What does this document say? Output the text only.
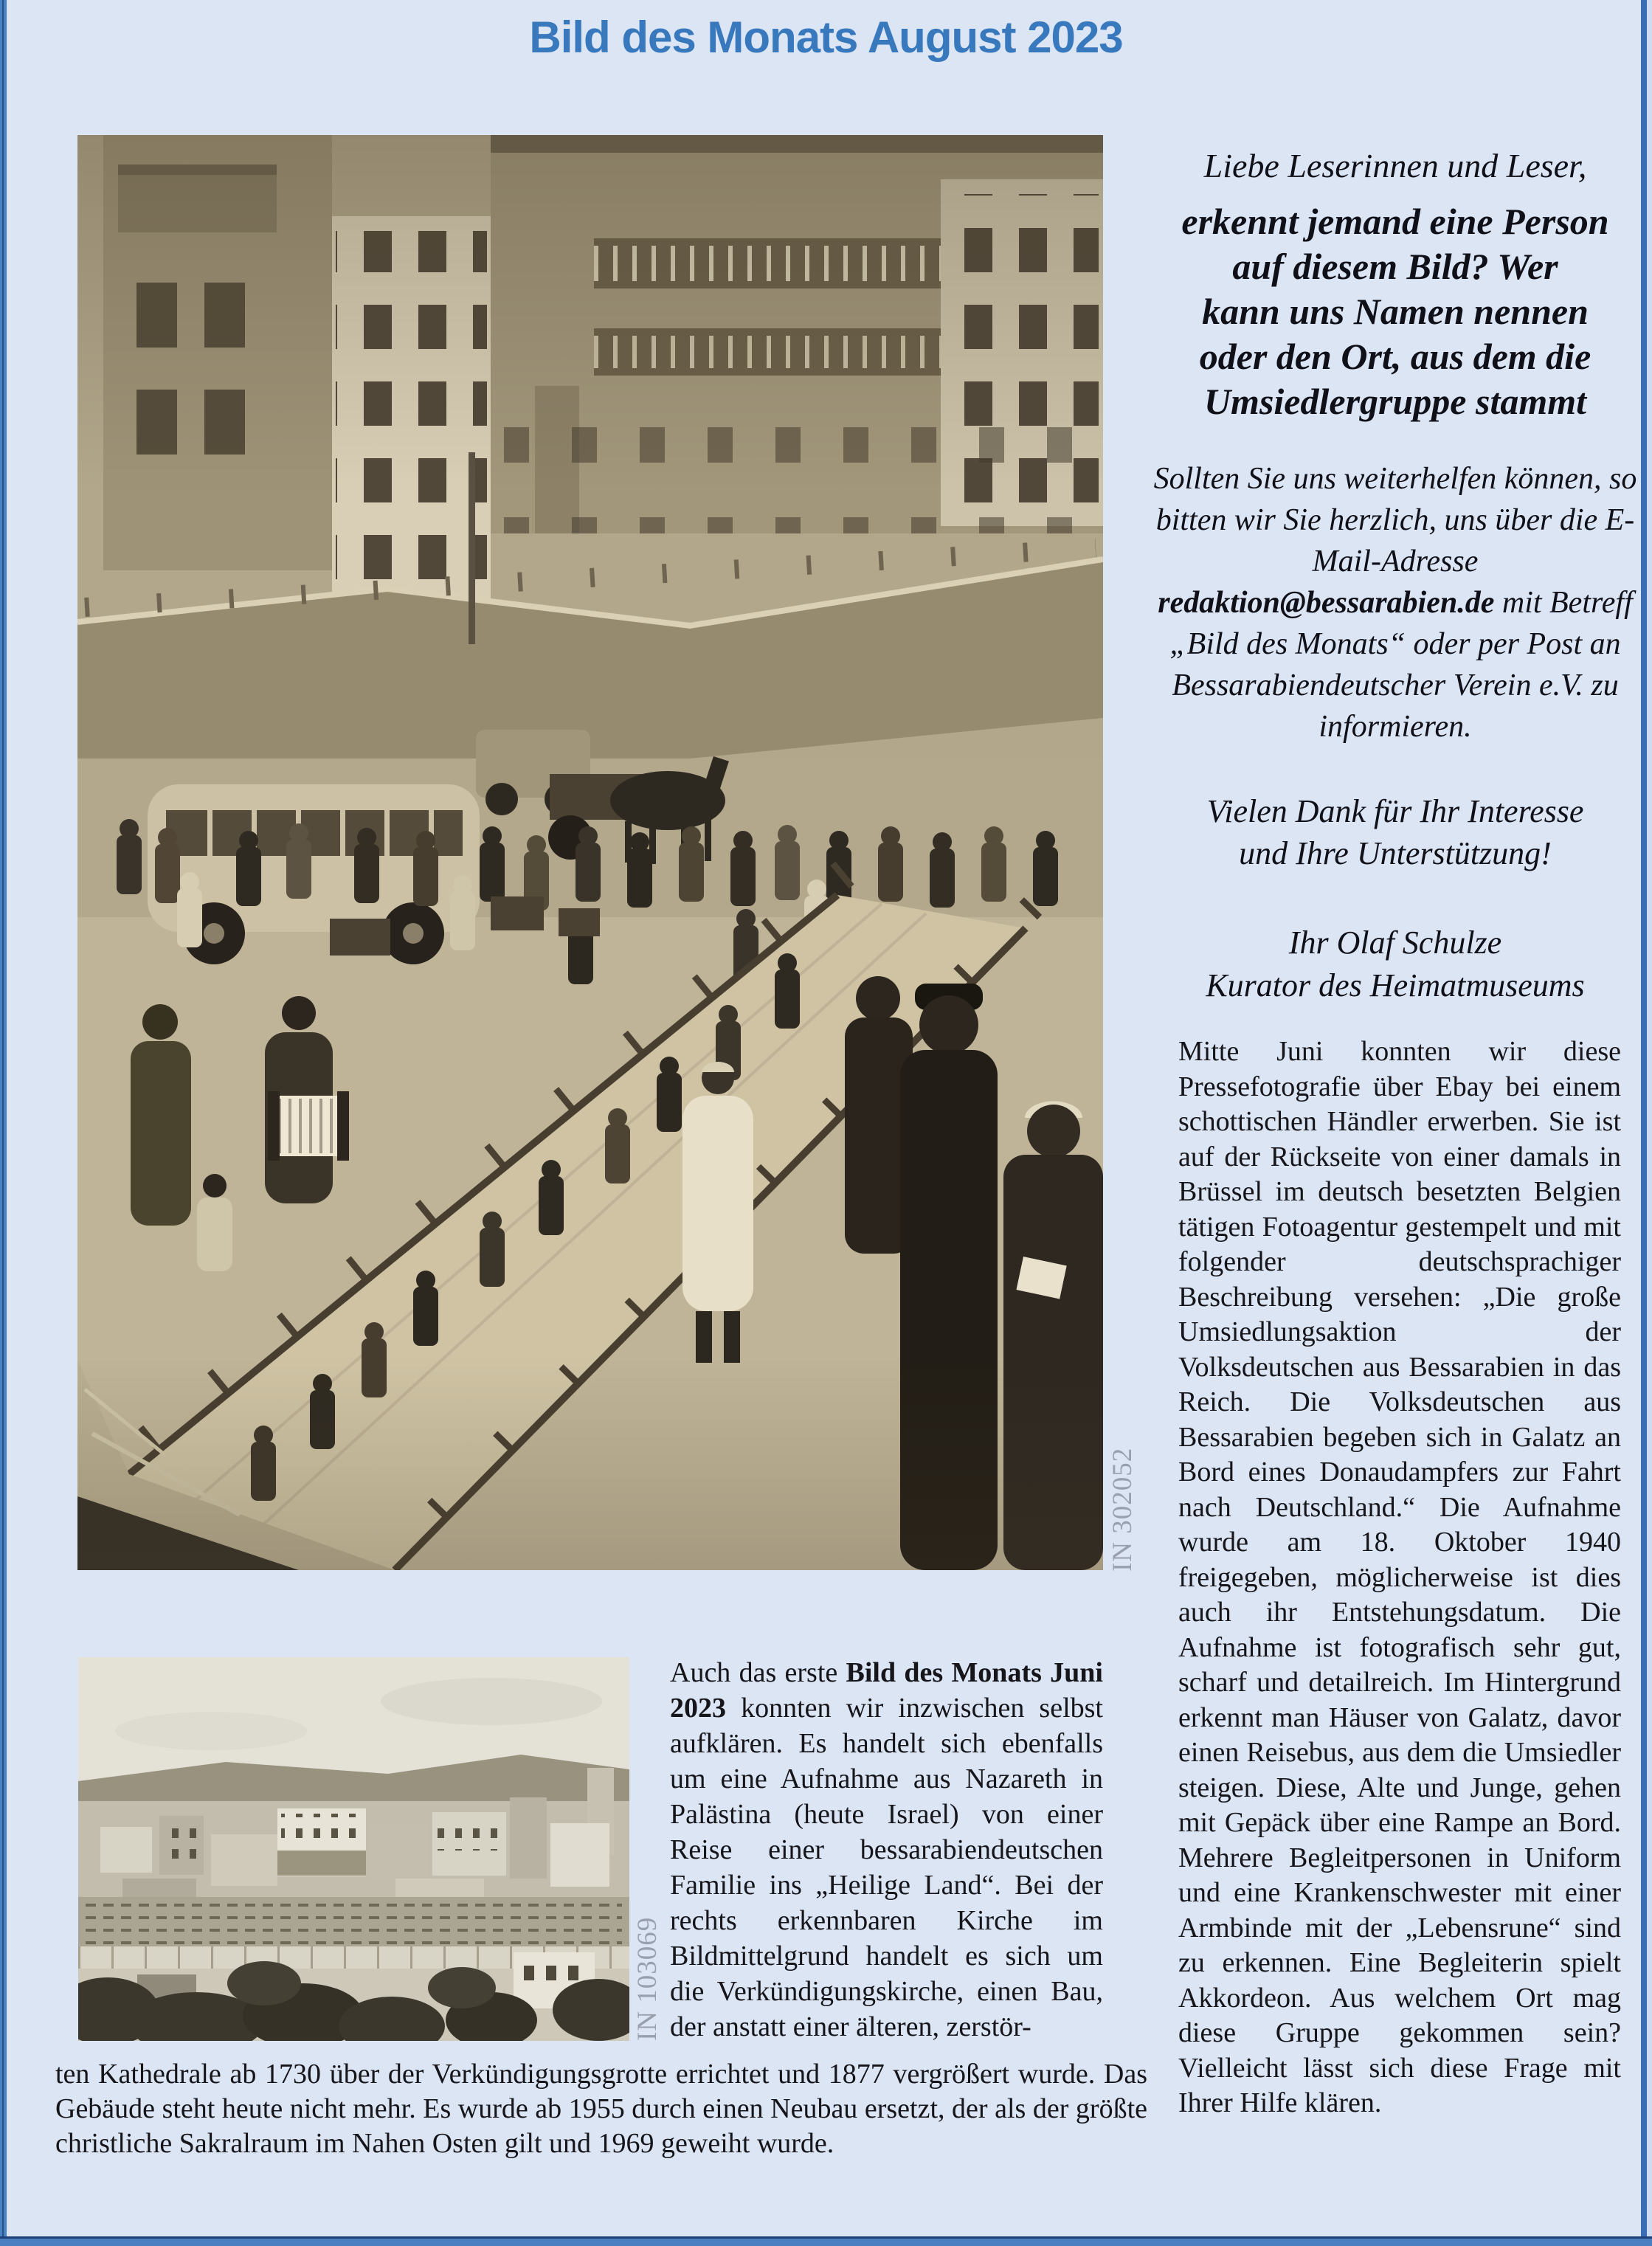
Bild des Monats August 2023
IN 302052
Liebe Leserinnen und Leser,
erkennt jemand eine Person
auf diesem Bild? Wer
kann uns Namen nennen
oder den Ort, aus dem die
Umsiedlergruppe stammt
Sollten Sie uns weiterhelfen können, so bitten wir Sie herzlich, uns über die E-Mail-Adresse redaktion@bessarabien.de mit Betreff „Bild des Monats“ oder per Post an Bessarabiendeutscher Verein e.V. zu informieren.
Vielen Dank für Ihr Interesse
und Ihre Unterstützung!
Ihr Olaf Schulze
Kurator des Heimatmuseums
Mitte Juni konnten wir diese Pressefotografie über Ebay bei einem schottischen Händler erwerben. Sie ist auf der Rückseite von einer damals in Brüssel im deutsch besetzten Belgien tätigen Fotoagentur gestempelt und mit folgender deutschsprachiger Beschreibung versehen: „Die große Umsiedlungsaktion der Volksdeutschen aus Bessarabien in das Reich. Die Volksdeutschen aus Bessarabien begeben sich in Galatz an Bord eines Donaudampfers zur Fahrt nach Deutschland.“ Die Aufnahme wurde am 18. Oktober 1940 freigegeben, möglicherweise ist dies auch ihr Entstehungsdatum. Die Aufnahme ist fotografisch sehr gut, scharf und detailreich. Im Hintergrund erkennt man Häuser von Galatz, davor einen Reisebus, aus dem die Umsiedler steigen. Diese, Alte und Junge, gehen mit Gepäck über eine Rampe an Bord. Mehrere Begleitpersonen in Uniform und eine Krankenschwester mit einer Armbinde mit der „Lebensrune“ sind zu erkennen. Eine Begleiterin spielt Akkordeon. Aus welchem Ort mag diese Gruppe gekommen sein? Vielleicht lässt sich diese Frage mit Ihrer Hilfe klären.
IN 103069
Auch das erste Bild des Monats Juni 2023 konnten wir inzwischen selbst aufklären. Es handelt sich ebenfalls um eine Aufnahme aus Nazareth in Palästina (heute Israel) von einer Reise einer bessarabiendeutschen Familie ins „Heilige Land“. Bei der rechts erkennbaren Kirche im Bildmittelgrund handelt es sich um die Verkündigungskirche, einen Bau, der anstatt einer älteren, zerstör-
ten Kathedrale ab 1730 über der Verkündigungsgrotte errichtet und 1877 vergrößert wurde. Das Gebäude steht heute nicht mehr. Es wurde ab 1955 durch einen Neubau ersetzt, der als der größte christliche Sakralraum im Nahen Osten gilt und 1969 geweiht wurde.
